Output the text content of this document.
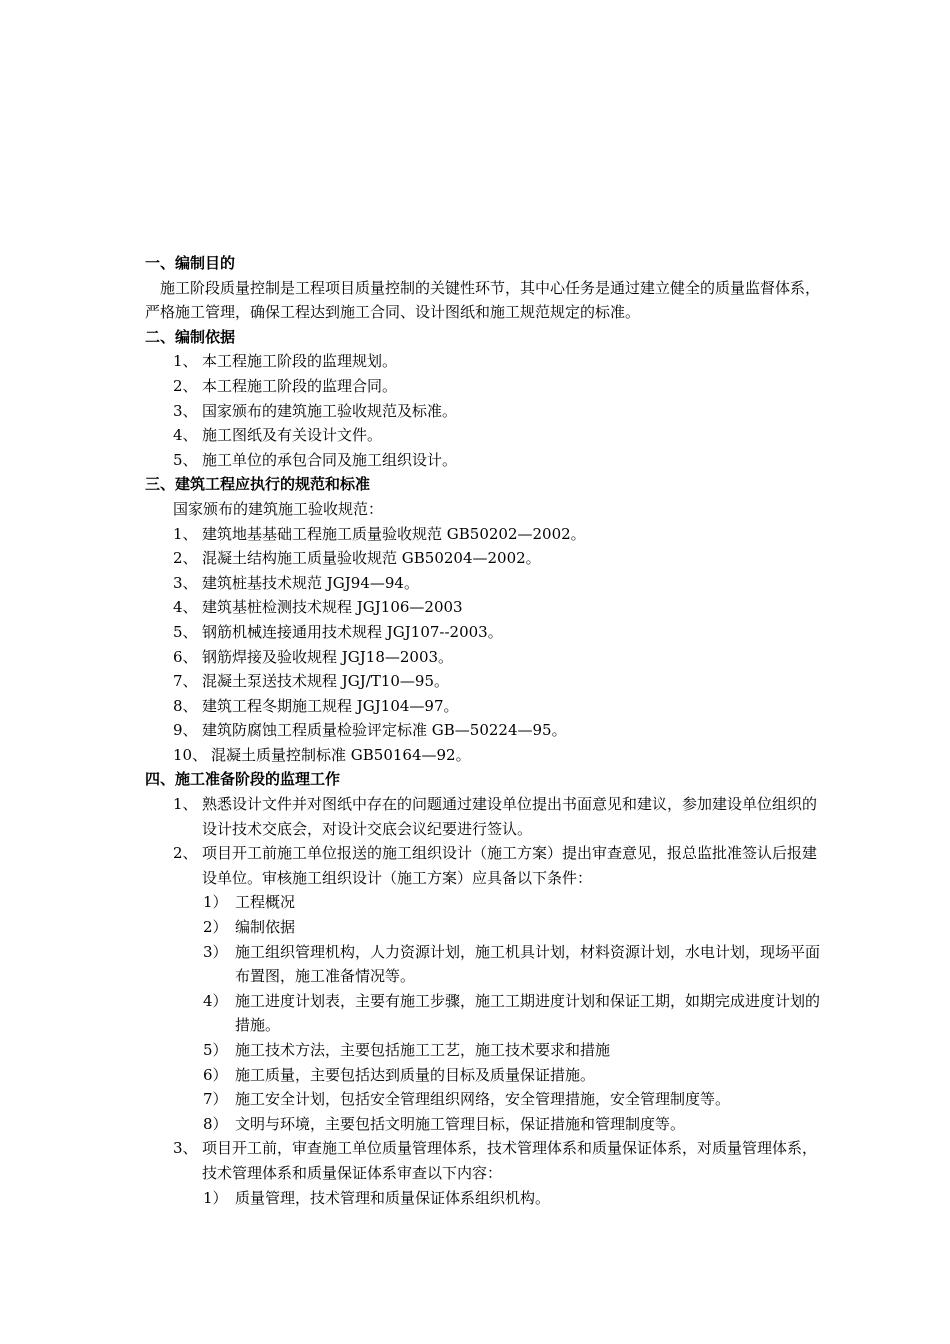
一、编制目的
施工阶段质量控制是工程项目质量控制的关键性环节，其中心任务是通过建立健全的质量监督体系，严格施工管理，确保工程达到施工合同、设计图纸和施工规范规定的标准。
二、编制依据
1、 本工程施工阶段的监理规划。
2、 本工程施工阶段的监理合同。
3、 国家颁布的建筑施工验收规范及标准。
4、 施工图纸及有关设计文件。
5、 施工单位的承包合同及施工组织设计。
三、建筑工程应执行的规范和标准
国家颁布的建筑施工验收规范：
1、 建筑地基基础工程施工质量验收规范 GB50202—2002。
2、 混凝土结构施工质量验收规范 GB50204—2002。
3、 建筑桩基技术规范 JGJ94—94。
4、 建筑基桩检测技术规程 JGJ106—2003
5、 钢筋机械连接通用技术规程 JGJ107--2003。
6、 钢筋焊接及验收规程 JGJ18—2003。
7、 混凝土泵送技术规程 JGJ/T10—95。
8、 建筑工程冬期施工规程 JGJ104—97。
9、 建筑防腐蚀工程质量检验评定标准 GB—50224—95。
10、 混凝土质量控制标准 GB50164—92。
四、施工准备阶段的监理工作
1、 熟悉设计文件并对图纸中存在的问题通过建设单位提出书面意见和建议，参加建设单位组织的设计技术交底会，对设计交底会议纪要进行签认。
2、 项目开工前施工单位报送的施工组织设计（施工方案）提出审查意见，报总监批准签认后报建设单位。审核施工组织设计（施工方案）应具备以下条件：
1） 工程概况
2） 编制依据
3） 施工组织管理机构，人力资源计划，施工机具计划，材料资源计划，水电计划，现场平面布置图，施工准备情况等。
4） 施工进度计划表，主要有施工步骤，施工工期进度计划和保证工期，如期完成进度计划的措施。
5） 施工技术方法，主要包括施工工艺，施工技术要求和措施
6） 施工质量，主要包括达到质量的目标及质量保证措施。
7） 施工安全计划，包括安全管理组织网络，安全管理措施，安全管理制度等。
8） 文明与环境，主要包括文明施工管理目标，保证措施和管理制度等。
3、 项目开工前，审查施工单位质量管理体系，技术管理体系和质量保证体系，对质量管理体系，技术管理体系和质量保证体系审查以下内容：
1） 质量管理，技术管理和质量保证体系组织机构。
